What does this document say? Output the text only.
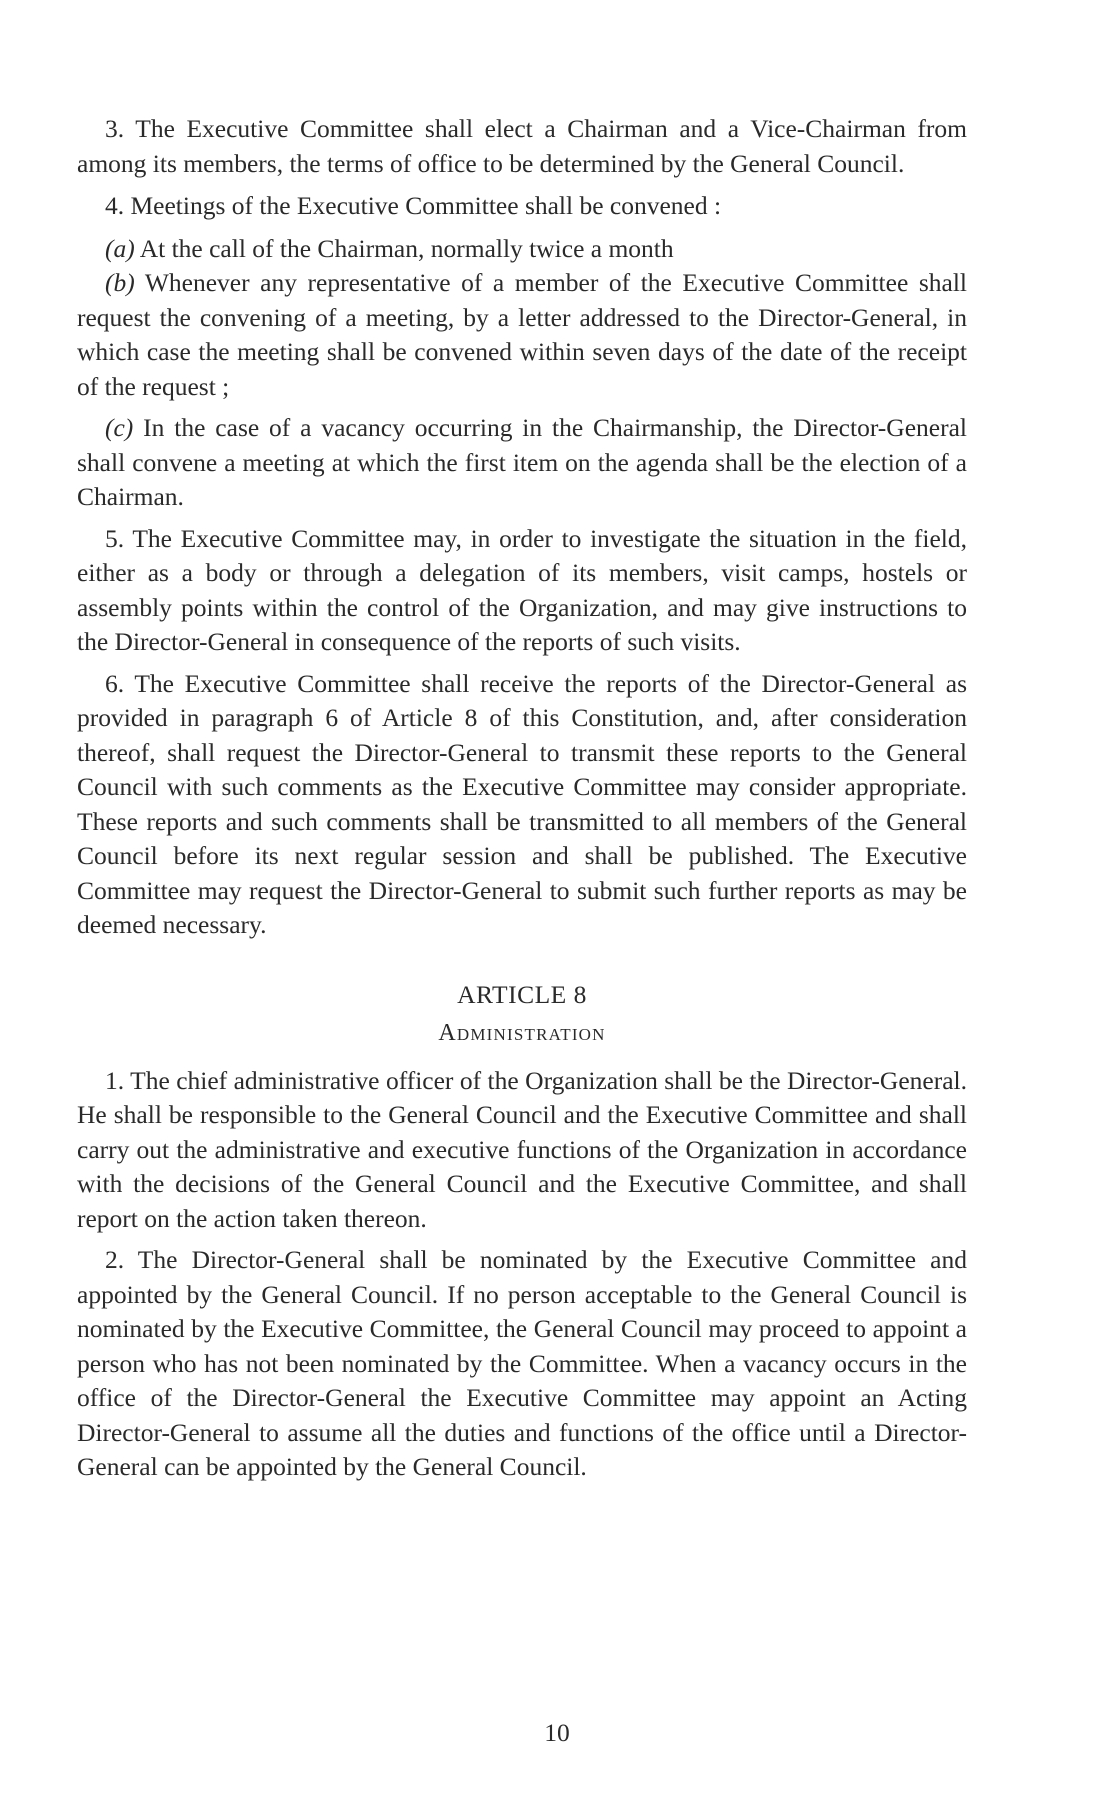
3. The Executive Committee shall elect a Chairman and a Vice-Chairman from among its members, the terms of office to be determined by the General Council.

4. Meetings of the Executive Committee shall be convened :

(a) At the call of the Chairman, normally twice a month

(b) Whenever any representative of a member of the Executive Committee shall request the convening of a meeting, by a letter addressed to the Director-General, in which case the meeting shall be convened within seven days of the date of the receipt of the request ;

(c) In the case of a vacancy occurring in the Chairmanship, the Director-General shall convene a meeting at which the first item on the agenda shall be the election of a Chairman.

5. The Executive Committee may, in order to investigate the situation in the field, either as a body or through a delegation of its members, visit camps, hostels or assembly points within the control of the Organization, and may give instructions to the Director-General in consequence of the reports of such visits.

6. The Executive Committee shall receive the reports of the Director-General as provided in paragraph 6 of Article 8 of this Constitution, and, after consideration thereof, shall request the Director-General to transmit these reports to the General Council with such comments as the Executive Committee may consider appropriate. These reports and such comments shall be transmitted to all members of the General Council before its next regular session and shall be published. The Executive Committee may request the Director-General to submit such further reports as may be deemed necessary.

ARTICLE 8

Administration

1. The chief administrative officer of the Organization shall be the Director-General. He shall be responsible to the General Council and the Executive Committee and shall carry out the administrative and executive functions of the Organization in accordance with the decisions of the General Council and the Executive Committee, and shall report on the action taken thereon.

2. The Director-General shall be nominated by the Executive Committee and appointed by the General Council. If no person acceptable to the General Council is nominated by the Executive Committee, the General Council may proceed to appoint a person who has not been nominated by the Committee. When a vacancy occurs in the office of the Director-General the Executive Committee may appoint an Acting Director-General to assume all the duties and functions of the office until a Director-General can be appointed by the General Council.

10
